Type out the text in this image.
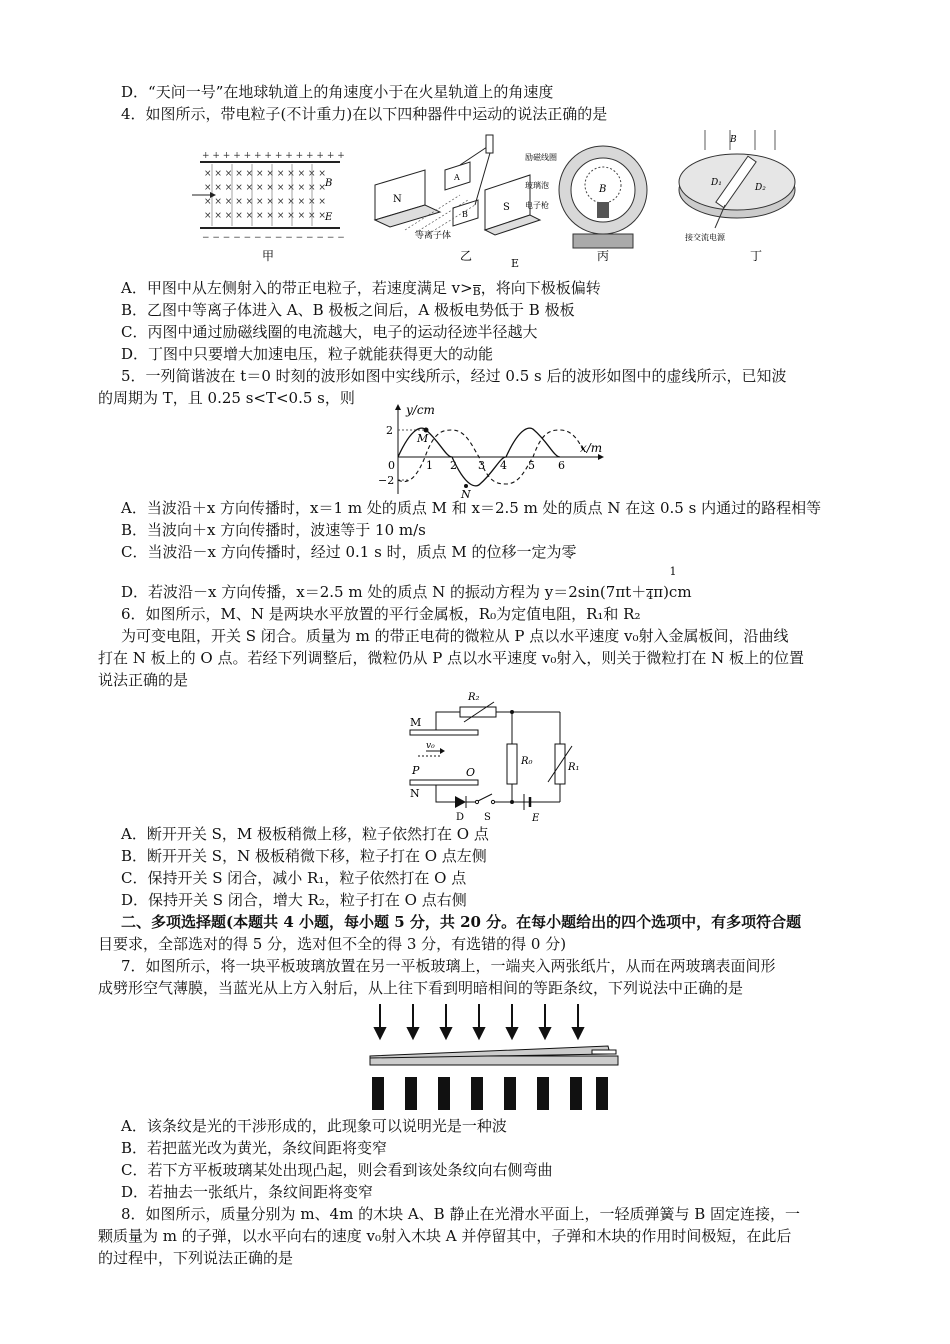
D．“天问一号”在地球轨道上的角速度小于在火星轨道上的角速度
4．如图所示，带电粒子(不计重力)在以下四种器件中运动的说法正确的是
+ + + + + + + + + + + + + +
− − − − − − − − − − − − − −
× × × × × × × × × × × ×
× × × × × × × × × × × ×
× × × × × × × × × × × ×
× × × × × × × × × × × ×
B
E
甲
N
A
B
S
等离子体
乙
B
励磁线圈
玻璃泡
电子枪
丙
D₁	D₂
B
接交流电源
丁
E
A．甲图中从左侧射入的带正电粒子，若速度满足 v>B，将向下极板偏转
B．乙图中等离子体进入 A、B 极板之间后，A 极板电势低于 B 极板
C．丙图中通过励磁线圈的电流越大，电子的运动径迹半径越大
D．丁图中只要增大加速电压，粒子就能获得更大的动能
5．一列简谐波在 t＝0 时刻的波形如图中实线所示，经过 0.5 s 后的波形如图中的虚线所示，已知波
的周期为 T，且 0.25 s<T<0.5 s，则
y/cm
x/m
2
−2
0	1 2 3 4 5 6
M
N
A．当波沿＋x 方向传播时，x＝1 m 处的质点 M 和 x＝2.5 m 处的质点 N 在这 0.5 s 内通过的路程相等
B．当波向＋x 方向传播时，波速等于 10 m/s
C．当波沿－x 方向传播时，经过 0.1 s 时，质点 M 的位移一定为零
1
D．若波沿－x 方向传播，x＝2.5 m 处的质点 N 的振动方程为 y＝2sin(7πt＋4π)cm
6．如图所示，M、N 是两块水平放置的平行金属板，R₀为定值电阻，R₁和 R₂
为可变电阻，开关 S 闭合。质量为 m 的带正电荷的微粒从 P 点以水平速度 v₀射入金属板间，沿曲线
打在 N 板上的 O 点。若经下列调整后，微粒仍从 P 点以水平速度 v₀射入，则关于微粒打在 N 板上的位置
说法正确的是
M
N
P	O
v₀
R₂
R₀
R₁
D S	E
A．断开开关 S，M 极板稍微上移，粒子依然打在 O 点
B．断开开关 S，N 极板稍微下移，粒子打在 O 点左侧
C．保持开关 S 闭合，减小 R₁，粒子依然打在 O 点
D．保持开关 S 闭合，增大 R₂，粒子打在 O 点右侧
二、多项选择题(本题共 4 小题，每小题 5 分，共 20 分。在每小题给出的四个选项中，有多项符合题
目要求，全部选对的得 5 分，选对但不全的得 3 分，有选错的得 0 分)
7．如图所示，将一块平板玻璃放置在另一平板玻璃上，一端夹入两张纸片，从而在两玻璃表面间形
成劈形空气薄膜，当蓝光从上方入射后，从上往下看到明暗相间的等距条纹，下列说法中正确的是
A．该条纹是光的干涉形成的，此现象可以说明光是一种波
B．若把蓝光改为黄光，条纹间距将变窄
C．若下方平板玻璃某处出现凸起，则会看到该处条纹向右侧弯曲
D．若抽去一张纸片，条纹间距将变窄
8．如图所示，质量分别为 m、4m 的木块 A、B 静止在光滑水平面上，一轻质弹簧与 B 固定连接，一
颗质量为 m 的子弹，以水平向右的速度 v₀射入木块 A 并停留其中，子弹和木块的作用时间极短，在此后
的过程中，下列说法正确的是
